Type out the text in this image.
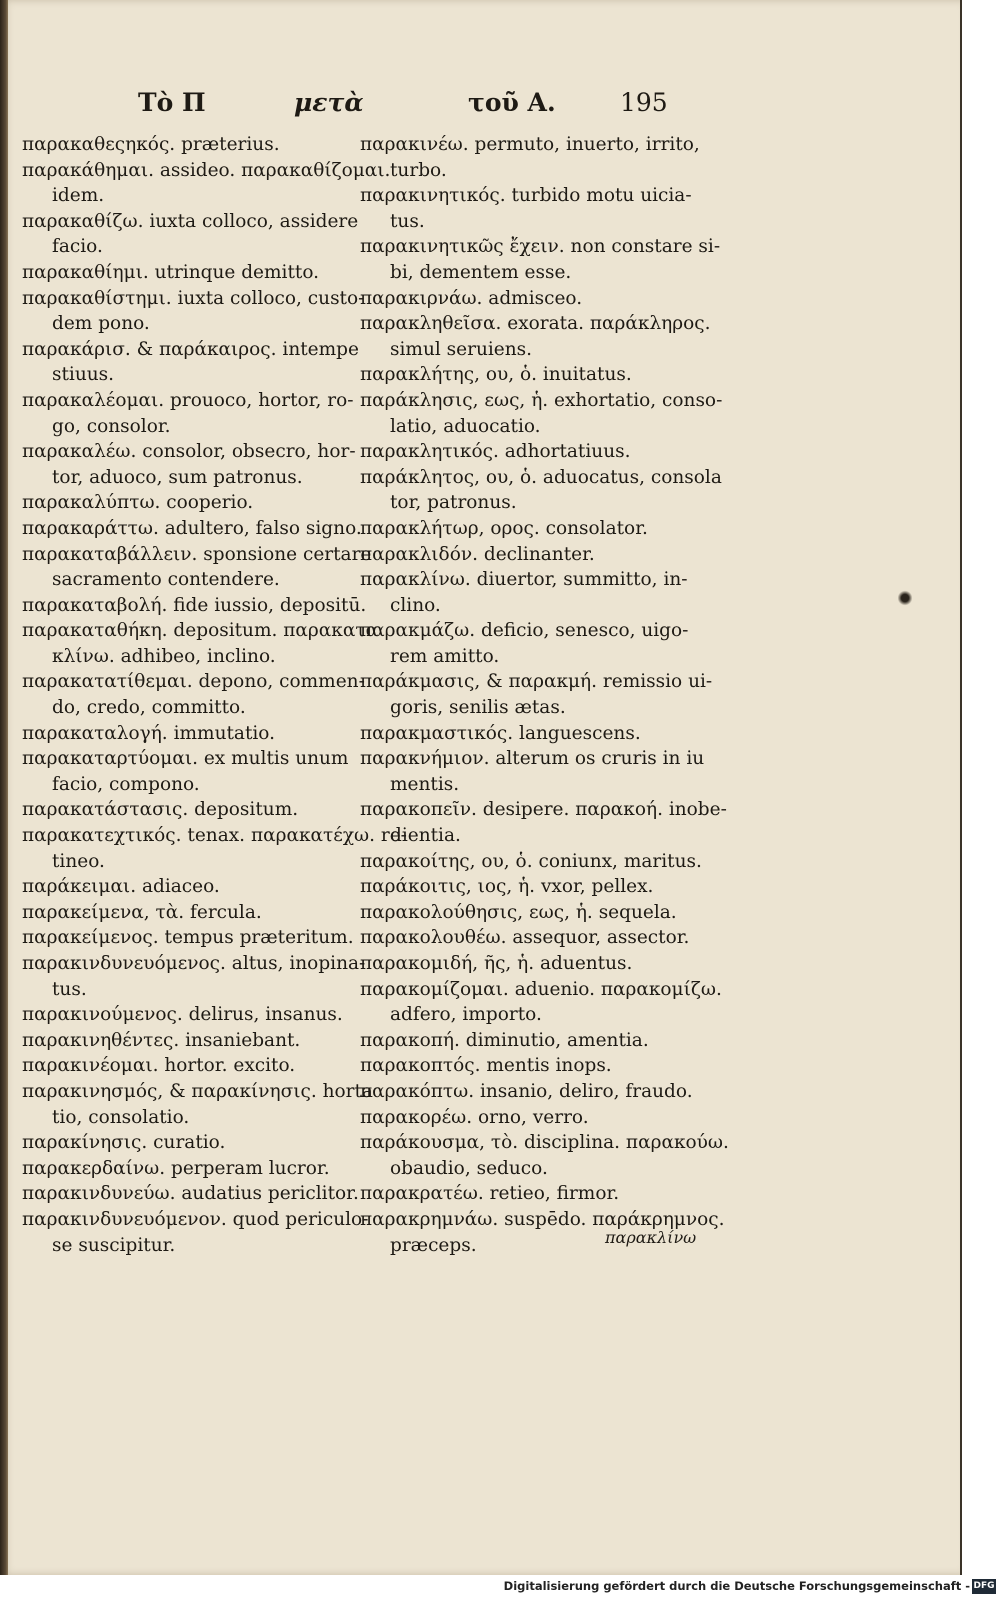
Τὸ Π	μετὰ	τοῦ Α.	195
παρακαθεςηκός. præterius.
παρακάθημαι. assideo. παρακαθίζομαι.
idem.
παρακαθίζω. iuxta colloco, assidere
facio.
παρακαθίημι. utrinque demitto.
παρακαθίστημι. iuxta colloco, custo-
dem pono.
παρακάρισ. & παράκαιρος. intempe
stiuus.
παρακαλέομαι. prouoco, hortor, ro-
go, consolor.
παρακαλέω. consolor, obsecro, hor-
tor, aduoco, sum patronus.
παρακαλύπτω. cooperio.
παρακαράττω. adultero, falso signo.
παρακαταβάλλειν. sponsione certare
sacramento contendere.
παρακαταβολή. fide iussio, depositū.
παρακαταθήκη. depositum. παρακατα
κλίνω. adhibeo, inclino.
παρακατατίθεμαι. depono, commen-
do, credo, committo.
παρακαταλογή. immutatio.
παρακαταρτύομαι. ex multis unum
facio, compono.
παρακατάστασις. depositum.
παρακατεχτικός. tenax. παρακατέχω. re-
tineo.
παράκειμαι. adiaceo.
παρακείμενα, τὰ. fercula.
παρακείμενος. tempus præteritum.
παρακινδυνευόμενος. altus, inopina-
tus.
παρακινούμενος. delirus, insanus.
παρακινηθέντες. insaniebant.
παρακινέομαι. hortor. excito.
παρακινησμός, & παρακίνησις. horta
tio, consolatio.
παρακίνησις. curatio.
παρακερδαίνω. perperam lucror.
παρακινδυνεύω. audatius periclitor.
παρακινδυνευόμενον. quod periculo-
se suscipitur.
παρακινέω. permuto, inuerto, irrito,
turbo.
παρακινητικός. turbido motu uicia-
tus.
παρακινητικῶς ἔχειν. non constare si-
bi, dementem esse.
παρακιρνάω. admisceo.
παρακληθεῖσα. exorata. παράκληρος.
simul seruiens.
παρακλήτης, ου, ὁ. inuitatus.
παράκλησις, εως, ἡ. exhortatio, conso-
latio, aduocatio.
παρακλητικός. adhortatiuus.
παράκλητος, ου, ὁ. aduocatus, consola
tor, patronus.
παρακλήτωρ, ορος. consolator.
παρακλιδόν. declinanter.
παρακλίνω. diuertor, summitto, in-
clino.
παρακμάζω. deficio, senesco, uigo-
rem amitto.
παράκμασις, & παρακμή. remissio ui-
goris, senilis ætas.
παρακμαστικός. languescens.
παρακνήμιον. alterum os cruris in iu
mentis.
παρακοπεῖν. desipere. παρακοή. inobe-
dientia.
παρακοίτης, ου, ὁ. coniunx, maritus.
παράκοιτις, ιος, ἡ. vxor, pellex.
παρακολούθησις, εως, ἡ. sequela.
παρακολουθέω. assequor, assector.
παρακομιδή, ῆς, ἡ. aduentus.
παρακομίζομαι. aduenio. παρακομίζω.
adfero, importo.
παρακοπή. diminutio, amentia.
παρακοπτός. mentis inops.
παρακόπτω. insanio, deliro, fraudo.
παρακορέω. orno, verro.
παράκουσμα, τὸ. disciplina. παρακούω.
obaudio, seduco.
παρακρατέω. retieo, firmor.
παρακρημνάω. suspēdo. παράκρημνος.
præceps.	παρακλίνω
Digitalisierung gefördert durch die Deutsche Forschungsgemeinschaft - DFG
